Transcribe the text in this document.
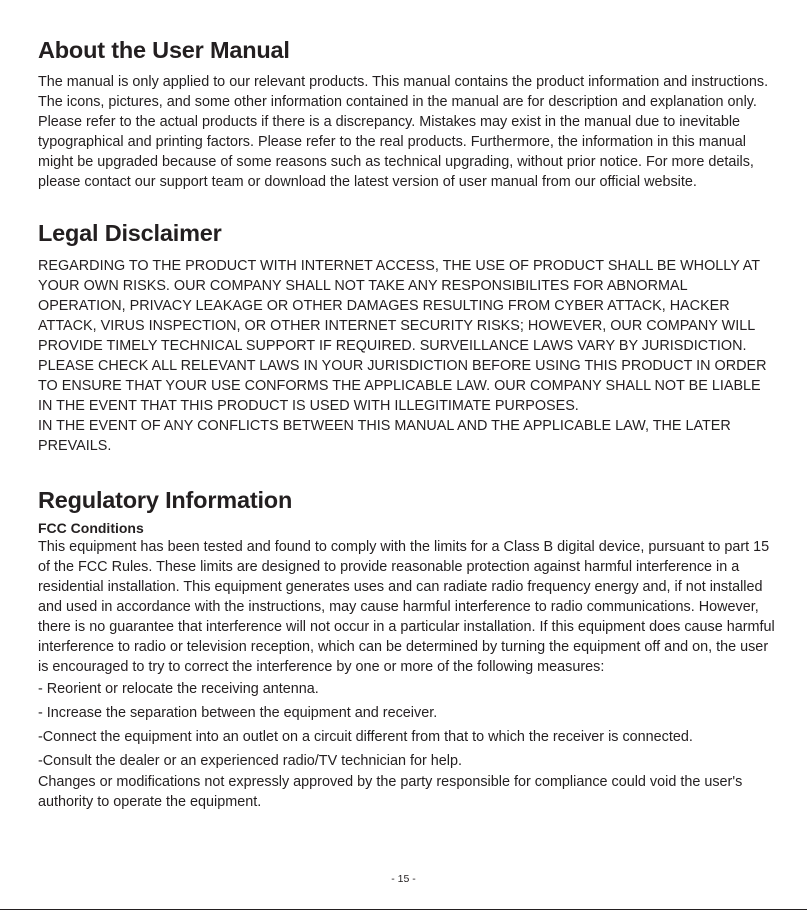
About the User Manual

The manual is only applied to our relevant products. This manual contains the product information and instructions. The icons, pictures, and some other information contained in the manual are for description and explanation only. Please refer to the actual products if there is a discrepancy. Mistakes may exist in the manual due to inevitable typographical and printing factors. Please refer to the real products. Furthermore, the information in this manual might be upgraded because of some reasons such as technical upgrading, without prior notice. For more details, please contact our support team or download the latest version of user manual from our official website.

Legal Disclaimer

REGARDING TO THE PRODUCT WITH INTERNET ACCESS, THE USE OF PRODUCT SHALL BE WHOLLY AT YOUR OWN RISKS. OUR COMPANY SHALL NOT TAKE ANY RESPONSIBILITES FOR ABNORMAL OPERATION, PRIVACY LEAKAGE OR OTHER DAMAGES RESULTING FROM CYBER ATTACK, HACKER ATTACK, VIRUS INSPECTION, OR OTHER INTERNET SECURITY RISKS; HOWEVER, OUR COMPANY WILL PROVIDE TIMELY TECHNICAL SUPPORT IF REQUIRED. SURVEILLANCE LAWS VARY BY JURISDICTION. PLEASE CHECK ALL RELEVANT LAWS IN YOUR JURISDICTION BEFORE USING THIS PRODUCT IN ORDER TO ENSURE THAT YOUR USE CONFORMS THE APPLICABLE LAW. OUR COMPANY SHALL NOT BE LIABLE IN THE EVENT THAT THIS PRODUCT IS USED WITH ILLEGITIMATE PURPOSES.

IN THE EVENT OF ANY CONFLICTS BETWEEN THIS MANUAL AND THE APPLICABLE LAW, THE LATER PREVAILS.

Regulatory Information

FCC Conditions

This equipment has been tested and found to comply with the limits for a Class B digital device, pursuant to part 15 of the FCC Rules. These limits are designed to provide reasonable protection against harmful interference in a residential installation. This equipment generates uses and can radiate radio frequency energy and, if not installed and used in accordance with the instructions, may cause harmful interference to radio communications. However, there is no guarantee that interference will not occur in a particular installation. If this equipment does cause harmful interference to radio or television reception, which can be determined by turning the equipment off and on, the user is encouraged to try to correct the interference by one or more of the following measures:

- Reorient or relocate the receiving antenna.

- Increase the separation between the equipment and receiver.

-Connect the equipment into an outlet on a circuit different from that to which the receiver is connected.

-Consult the dealer or an experienced radio/TV technician for help.

Changes or modifications not expressly approved by the party responsible for compliance could void the user's authority to operate the equipment.

- 15 -
